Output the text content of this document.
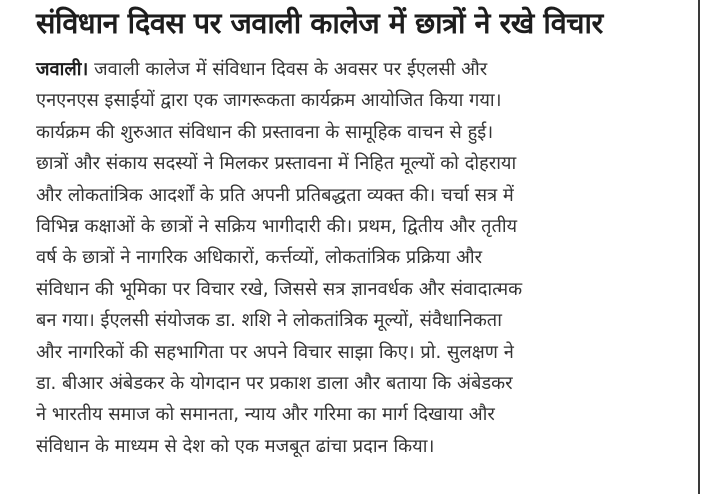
संविधान दिवस पर जवाली कालेज में छात्रों ने रखे विचार
जवाली। जवाली कालेज में संविधान दिवस के अवसर पर ईएलसी और
एनएनएस इसाईयों द्वारा एक जागरूकता कार्यक्रम आयोजित किया गया।
कार्यक्रम की शुरुआत संविधान की प्रस्तावना के सामूहिक वाचन से हुई।
छात्रों और संकाय सदस्यों ने मिलकर प्रस्तावना में निहित मूल्यों को दोहराया
और लोकतांत्रिक आदर्शों के प्रति अपनी प्रतिबद्धता व्यक्त की। चर्चा सत्र में
विभिन्न कक्षाओं के छात्रों ने सक्रिय भागीदारी की। प्रथम, द्वितीय और तृतीय
वर्ष के छात्रों ने नागरिक अधिकारों, कर्त्तव्यों, लोकतांत्रिक प्रक्रिया और
संविधान की भूमिका पर विचार रखे, जिससे सत्र ज्ञानवर्धक और संवादात्मक
बन गया। ईएलसी संयोजक डा. शशि ने लोकतांत्रिक मूल्यों, संवैधानिकता
और नागरिकों की सहभागिता पर अपने विचार साझा किए। प्रो. सुलक्षण ने
डा. बीआर अंबेडकर के योगदान पर प्रकाश डाला और बताया कि अंबेडकर
ने भारतीय समाज को समानता, न्याय और गरिमा का मार्ग दिखाया और
संविधान के माध्यम से देश को एक मजबूत ढांचा प्रदान किया।
